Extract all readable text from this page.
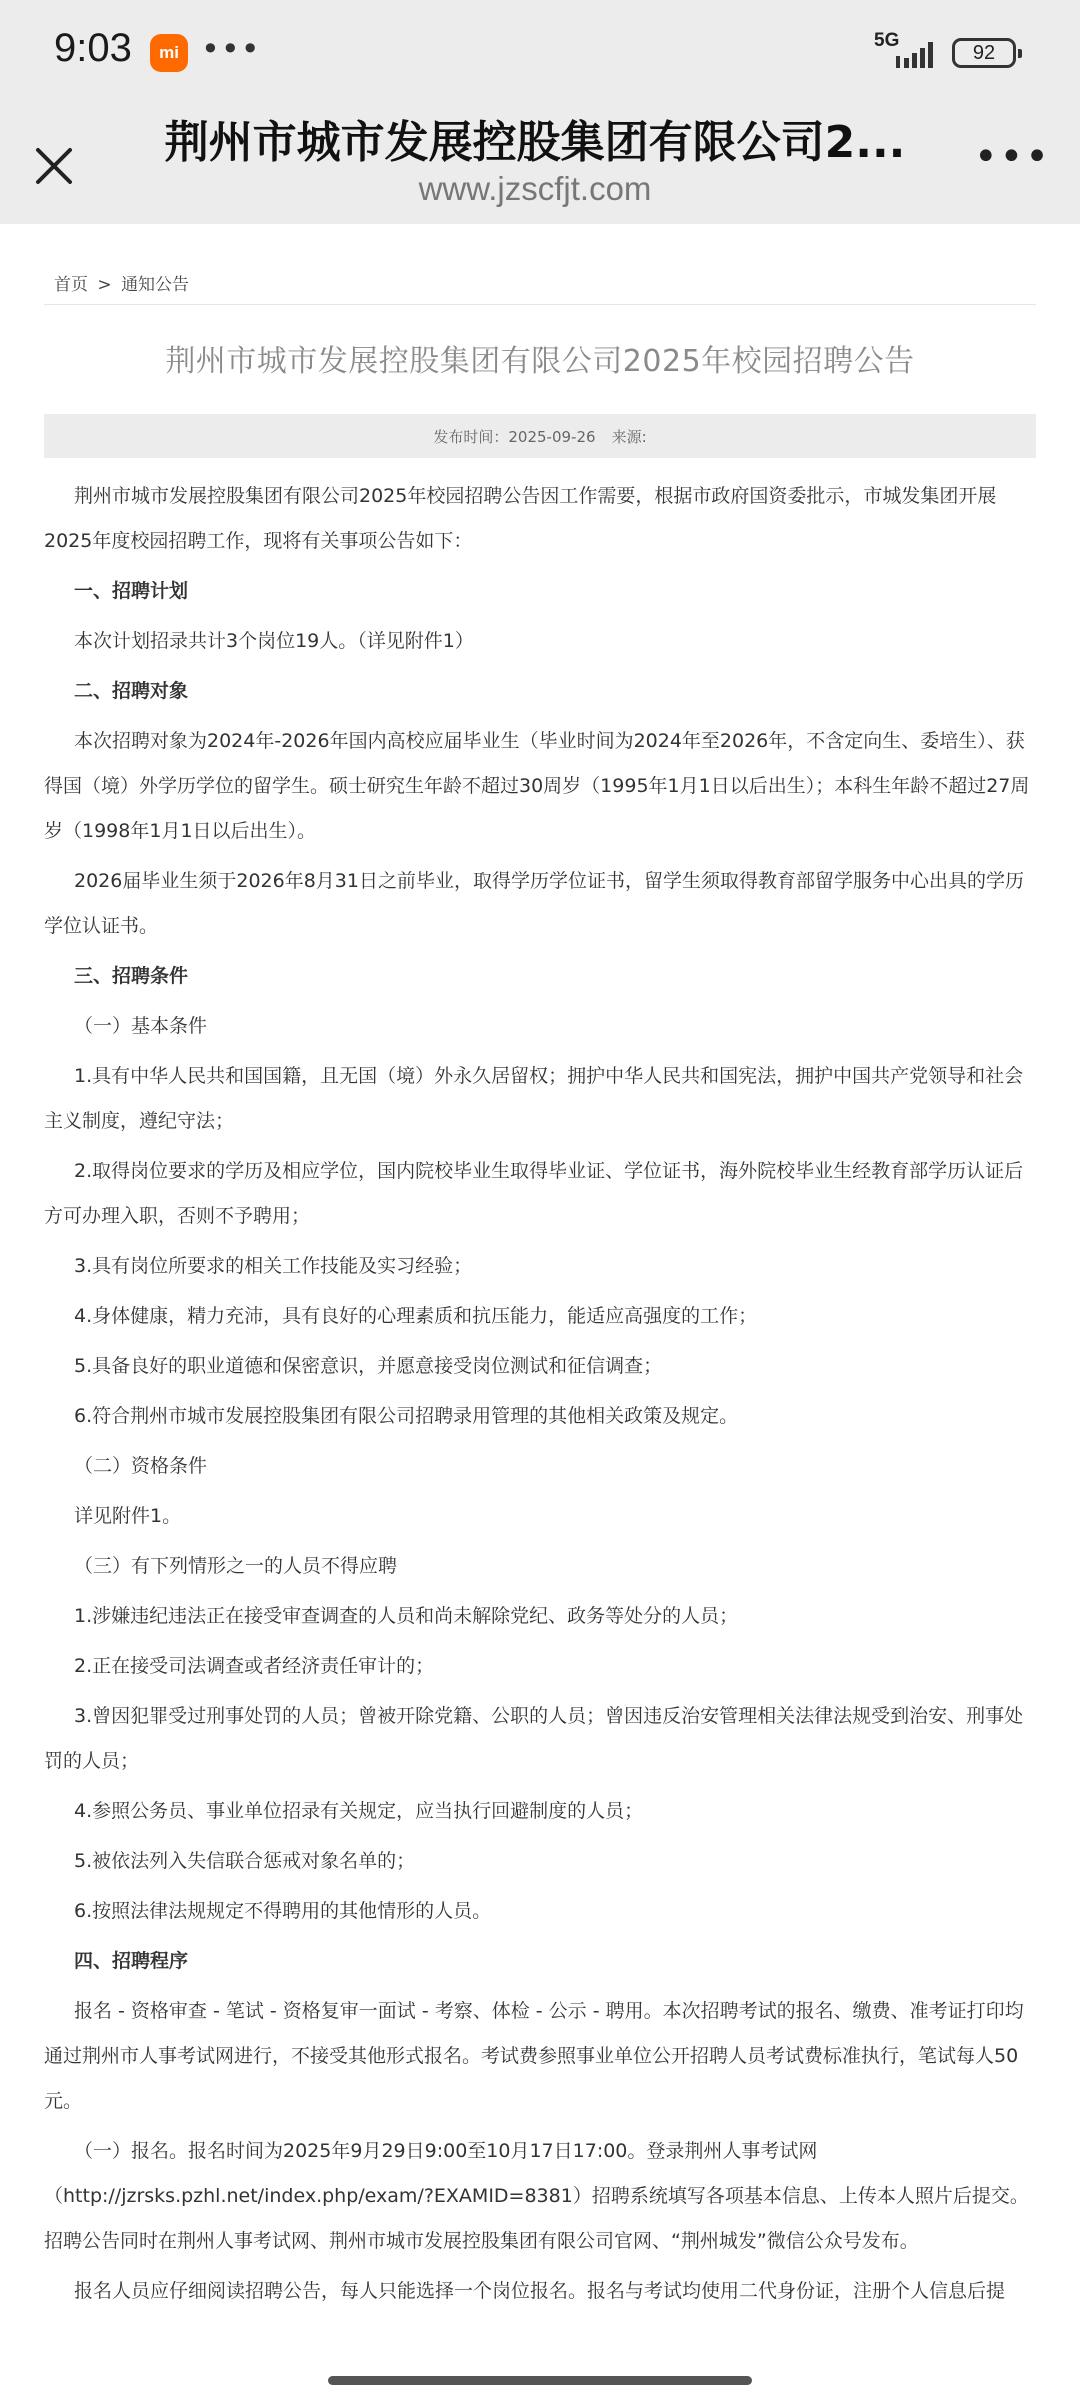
9:03	mi •••	5G
92
荆州市城市发展控股集团有限公司2...
www.jzscfjt.com
•••
首页 > 通知公告
荆州市城市发展控股集团有限公司2025年校园招聘公告
发布时间：2025-09-26 来源:

荆州市城市发展控股集团有限公司2025年校园招聘公告因工作需要，根据市政府国资委批示，市城发集团开展2025年度校园招聘工作，现将有关事项公告如下：

一、招聘计划

本次计划招录共计3个岗位19人。（详见附件1）

二、招聘对象

本次招聘对象为2024年-2026年国内高校应届毕业生（毕业时间为2024年至2026年，不含定向生、委培生）、获得国（境）外学历学位的留学生。硕士研究生年龄不超过30周岁（1995年1月1日以后出生）；本科生年龄不超过27周岁（1998年1月1日以后出生）。

2026届毕业生须于2026年8月31日之前毕业，取得学历学位证书，留学生须取得教育部留学服务中心出具的学历学位认证书。

三、招聘条件

（一）基本条件

1.具有中华人民共和国国籍，且无国（境）外永久居留权；拥护中华人民共和国宪法，拥护中国共产党领导和社会主义制度，遵纪守法；

2.取得岗位要求的学历及相应学位，国内院校毕业生取得毕业证、学位证书，海外院校毕业生经教育部学历认证后方可办理入职，否则不予聘用；

3.具有岗位所要求的相关工作技能及实习经验；

4.身体健康，精力充沛，具有良好的心理素质和抗压能力，能适应高强度的工作；

5.具备良好的职业道德和保密意识，并愿意接受岗位测试和征信调查；

6.符合荆州市城市发展控股集团有限公司招聘录用管理的其他相关政策及规定。

（二）资格条件

详见附件1。

（三）有下列情形之一的人员不得应聘

1.涉嫌违纪违法正在接受审查调查的人员和尚未解除党纪、政务等处分的人员；

2.正在接受司法调查或者经济责任审计的；

3.曾因犯罪受过刑事处罚的人员；曾被开除党籍、公职的人员；曾因违反治安管理相关法律法规受到治安、刑事处罚的人员；

4.参照公务员、事业单位招录有关规定，应当执行回避制度的人员；

5.被依法列入失信联合惩戒对象名单的；

6.按照法律法规规定不得聘用的其他情形的人员。

四、招聘程序

报名 - 资格审查 - 笔试 - 资格复审一面试 - 考察、体检 - 公示 - 聘用。本次招聘考试的报名、缴费、准考证打印均通过荆州市人事考试网进行，不接受其他形式报名。考试费参照事业单位公开招聘人员考试费标准执行，笔试每人50元。

（一）报名。报名时间为2025年9月29日9:00至10月17日17:00。登录荆州人事考试网（http://jzrsks.pzhl.net/index.php/exam/?EXAMID=8381）招聘系统填写各项基本信息、上传本人照片后提交。招聘公告同时在荆州人事考试网、荆州市城市发展控股集团有限公司官网、“荆州城发”微信公众号发布。

报名人员应仔细阅读招聘公告，每人只能选择一个岗位报名。报名与考试均使用二代身份证，注册个人信息后提
